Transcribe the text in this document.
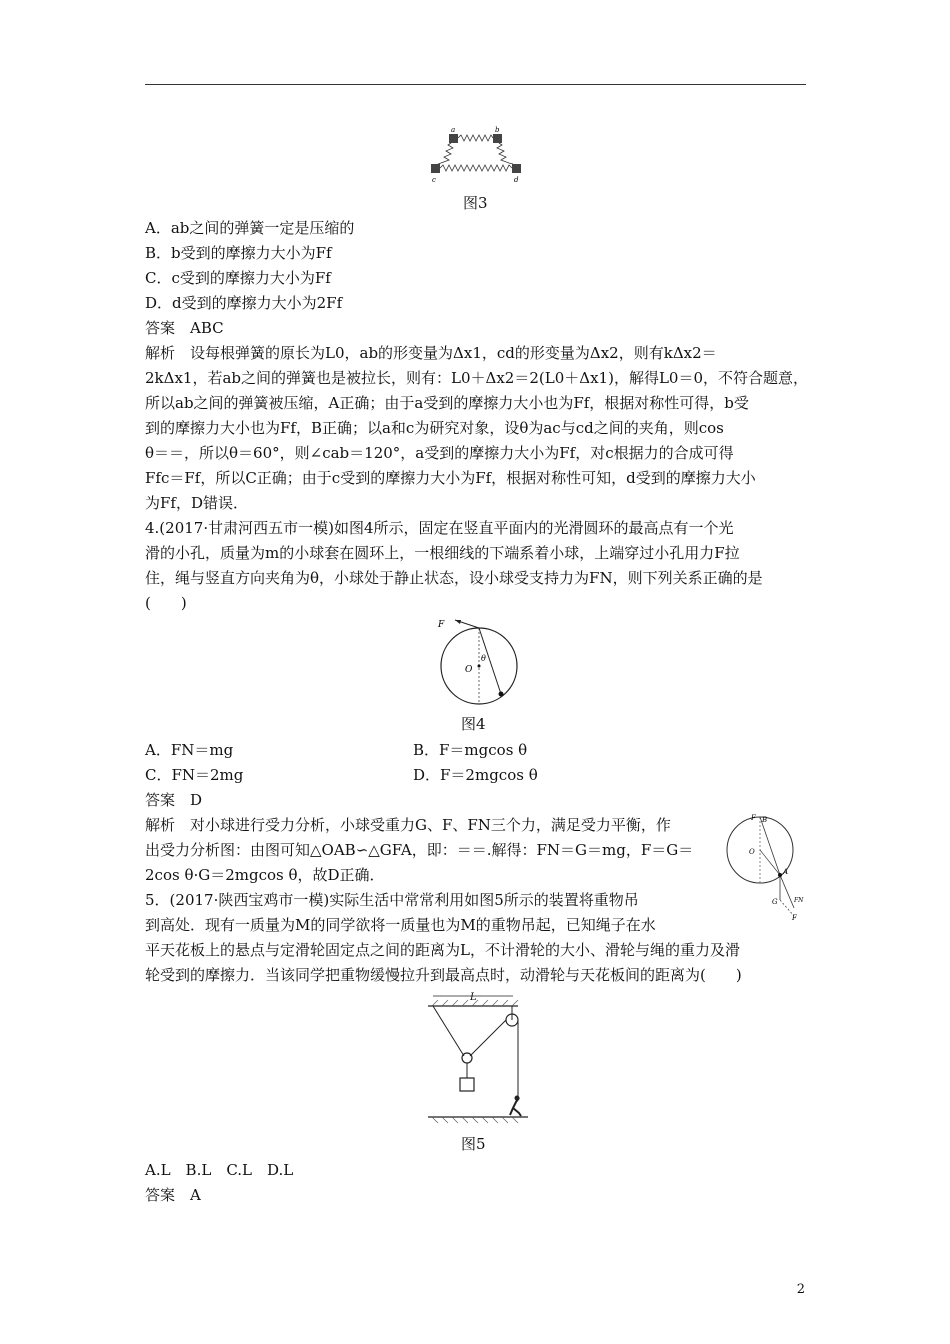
a	b
c	d
图3
A．ab之间的弹簧一定是压缩的
B．b受到的摩擦力大小为Ff
C．c受到的摩擦力大小为Ff
D．d受到的摩擦力大小为2Ff
答案　ABC
解析　设每根弹簧的原长为L0，ab的形变量为Δx1，cd的形变量为Δx2，则有kΔx2＝
2kΔx1，若ab之间的弹簧也是被拉长，则有：L0＋Δx2＝2(L0＋Δx1)，解得L0＝0，不符合题意，
所以ab之间的弹簧被压缩，A正确；由于a受到的摩擦力大小也为Ff，根据对称性可得，b受
到的摩擦力大小也为Ff，B正确；以a和c为研究对象，设θ为ac与cd之间的夹角，则cos
θ＝＝，所以θ＝60°，则∠cab＝120°，a受到的摩擦力大小为Ff，对c根据力的合成可得
Ffc＝Ff，所以C正确；由于c受到的摩擦力大小为Ff，根据对称性可知，d受到的摩擦力大小
为Ff，D错误．
4.(2017·甘肃河西五市一模)如图4所示，固定在竖直平面内的光滑圆环的最高点有一个光
滑的小孔，质量为m的小球套在圆环上，一根细线的下端系着小球，上端穿过小孔用力F拉
住，绳与竖直方向夹角为θ，小球处于静止状态，设小球受支持力为FN，则下列关系正确的是
(　　)
F
O
θ
图4
A．FN＝mg	B．F＝mgcos θ
C．FN＝2mg	D．F＝2mgcos θ
答案　D
解析　对小球进行受力分析，小球受重力G、F、FN三个力，满足受力平衡，作
出受力分析图：由图可知△OAB∽△GFA，即：＝＝.解得：FN＝G＝mg，F＝G＝
2cos θ·G＝2mgcos θ，故D正确．
F B
O
A
G	FN
F
5．(2017·陕西宝鸡市一模)实际生活中常常利用如图5所示的装置将重物吊
到高处．现有一质量为M的同学欲将一质量也为M的重物吊起，已知绳子在水
平天花板上的悬点与定滑轮固定点之间的距离为L，不计滑轮的大小、滑轮与绳的重力及滑
轮受到的摩擦力．当该同学把重物缓慢拉升到最高点时，动滑轮与天花板间的距离为(　　)
L
图5
A.L　B.L　C.L　D.L
答案　A
2
